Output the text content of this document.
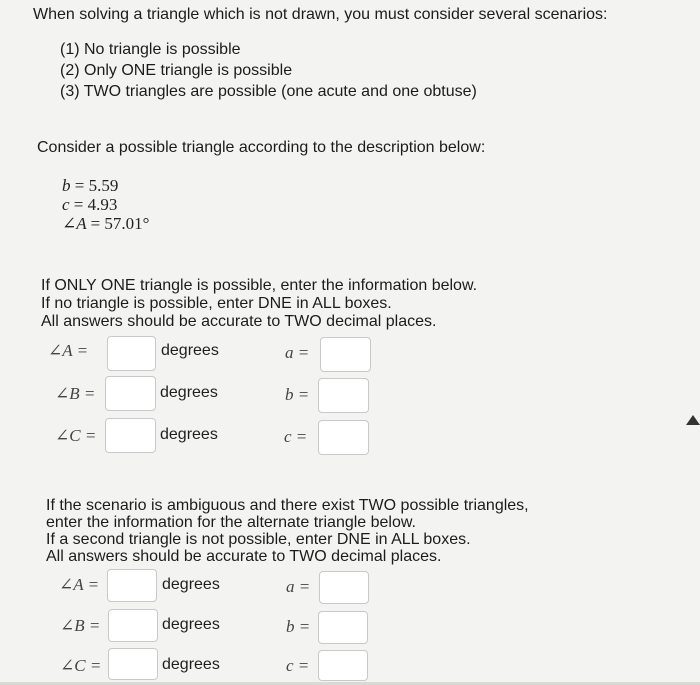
When solving a triangle which is not drawn, you must consider several scenarios:
(1) No triangle is possible
(2) Only ONE triangle is possible
(3) TWO triangles are possible (one acute and one obtuse)
Consider a possible triangle according to the description below:
b = 5.59
c = 4.93
∠A = 57.01°
If ONLY ONE triangle is possible, enter the information below.
If no triangle is possible, enter DNE in ALL boxes.
All answers should be accurate to TWO decimal places.
∠A =	degrees	a =
∠B =	degrees	b =
∠C =	degrees	c =
If the scenario is ambiguous and there exist TWO possible triangles,
enter the information for the alternate triangle below.
If a second triangle is not possible, enter DNE in ALL boxes.
All answers should be accurate to TWO decimal places.
∠A =	degrees	a =
∠B =	degrees	b =
∠C =	degrees	c =
